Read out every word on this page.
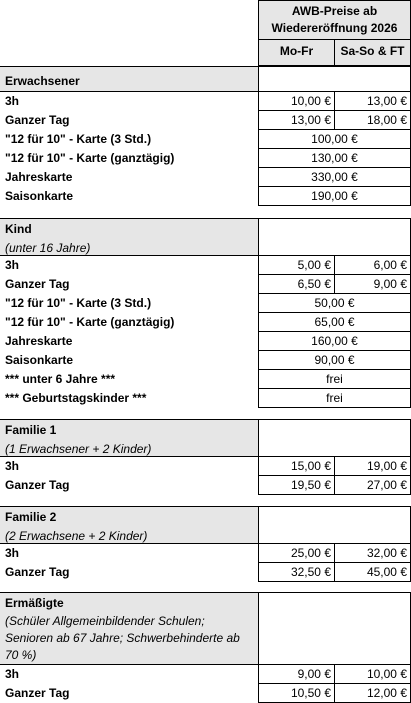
AWB-Preise ab Wiedereröffnung 2026
Mo-Fr	Sa-So & FT
Erwachsener
3h	10,00 €	13,00 €
Ganzer Tag	13,00 €	18,00 €
"12 für 10" - Karte (3 Std.)	100,00 €
"12 für 10" - Karte (ganztägig)	130,00 €
Jahreskarte	330,00 €
Saisonkarte	190,00 €
Kind
(unter 16 Jahre)
3h	5,00 €	6,00 €
Ganzer Tag	6,50 €	9,00 €
"12 für 10" - Karte (3 Std.)	50,00 €
"12 für 10" - Karte (ganztägig)	65,00 €
Jahreskarte	160,00 €
Saisonkarte	90,00 €
*** unter 6 Jahre ***	frei
*** Geburtstagskinder ***	frei
Familie 1
(1 Erwachsener + 2 Kinder)
3h	15,00 €	19,00 €
Ganzer Tag	19,50 €	27,00 €
Familie 2
(2 Erwachsene + 2 Kinder)
3h	25,00 €	32,00 €
Ganzer Tag	32,50 €	45,00 €
Ermäßigte
(Schüler Allgemeinbildender Schulen; Senioren ab 67 Jahre; Schwerbehinderte ab 70 %)
3h	9,00 €	10,00 €
Ganzer Tag	10,50 €	12,00 €
